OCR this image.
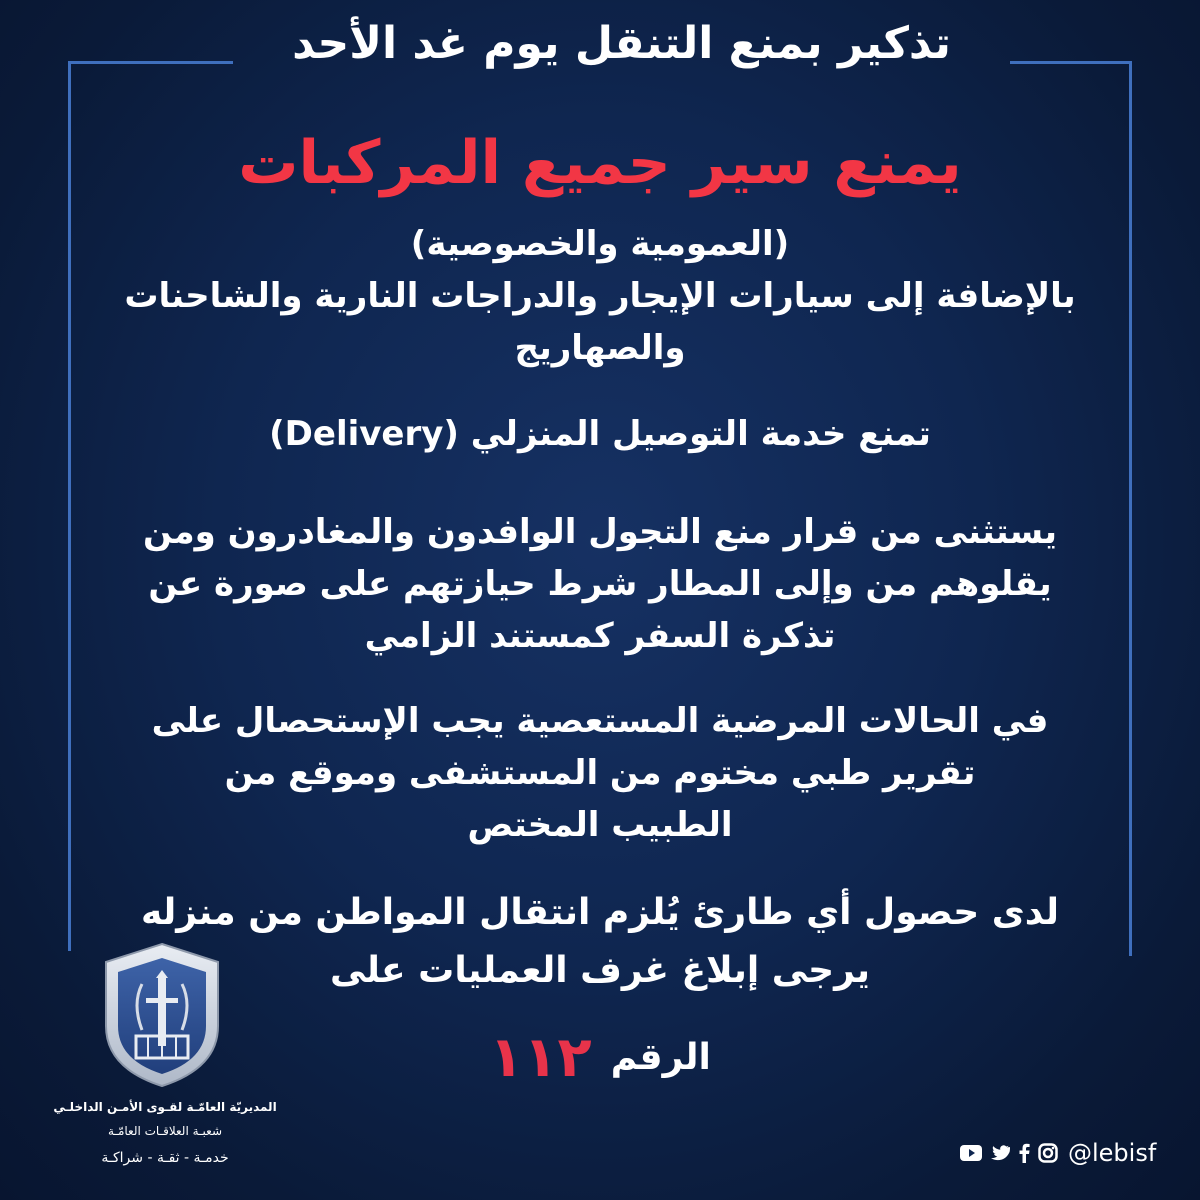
تذكير بمنع التنقل يوم غد الأحد
يمنع سير جميع المركبات
(العمومية والخصوصية)
بالإضافة إلى سيارات الإيجار والدراجات النارية والشاحنات
والصهاريج
تمنع خدمة التوصيل المنزلي (Delivery)
يستثنى من قرار منع التجول الوافدون والمغادرون ومن
يقلوهم من وإلى المطار شرط حيازتهم على صورة عن
تذكرة السفر كمستند الزامي
في الحالات المرضية المستعصية يجب الإستحصال على
تقرير طبي مختوم من المستشفى وموقع من
الطبيب المختص
لدى حصول أي طارئ يُلزم انتقال المواطن من منزله
يرجى إبلاغ غرف العمليات على
الرقم ١١٢
المديريّة العامّـة لقـوى الأمـن الداخلـي
شعبـة العلاقـات العامّـة
خدمـة - ثقـة - شراكـة	@lebisf
